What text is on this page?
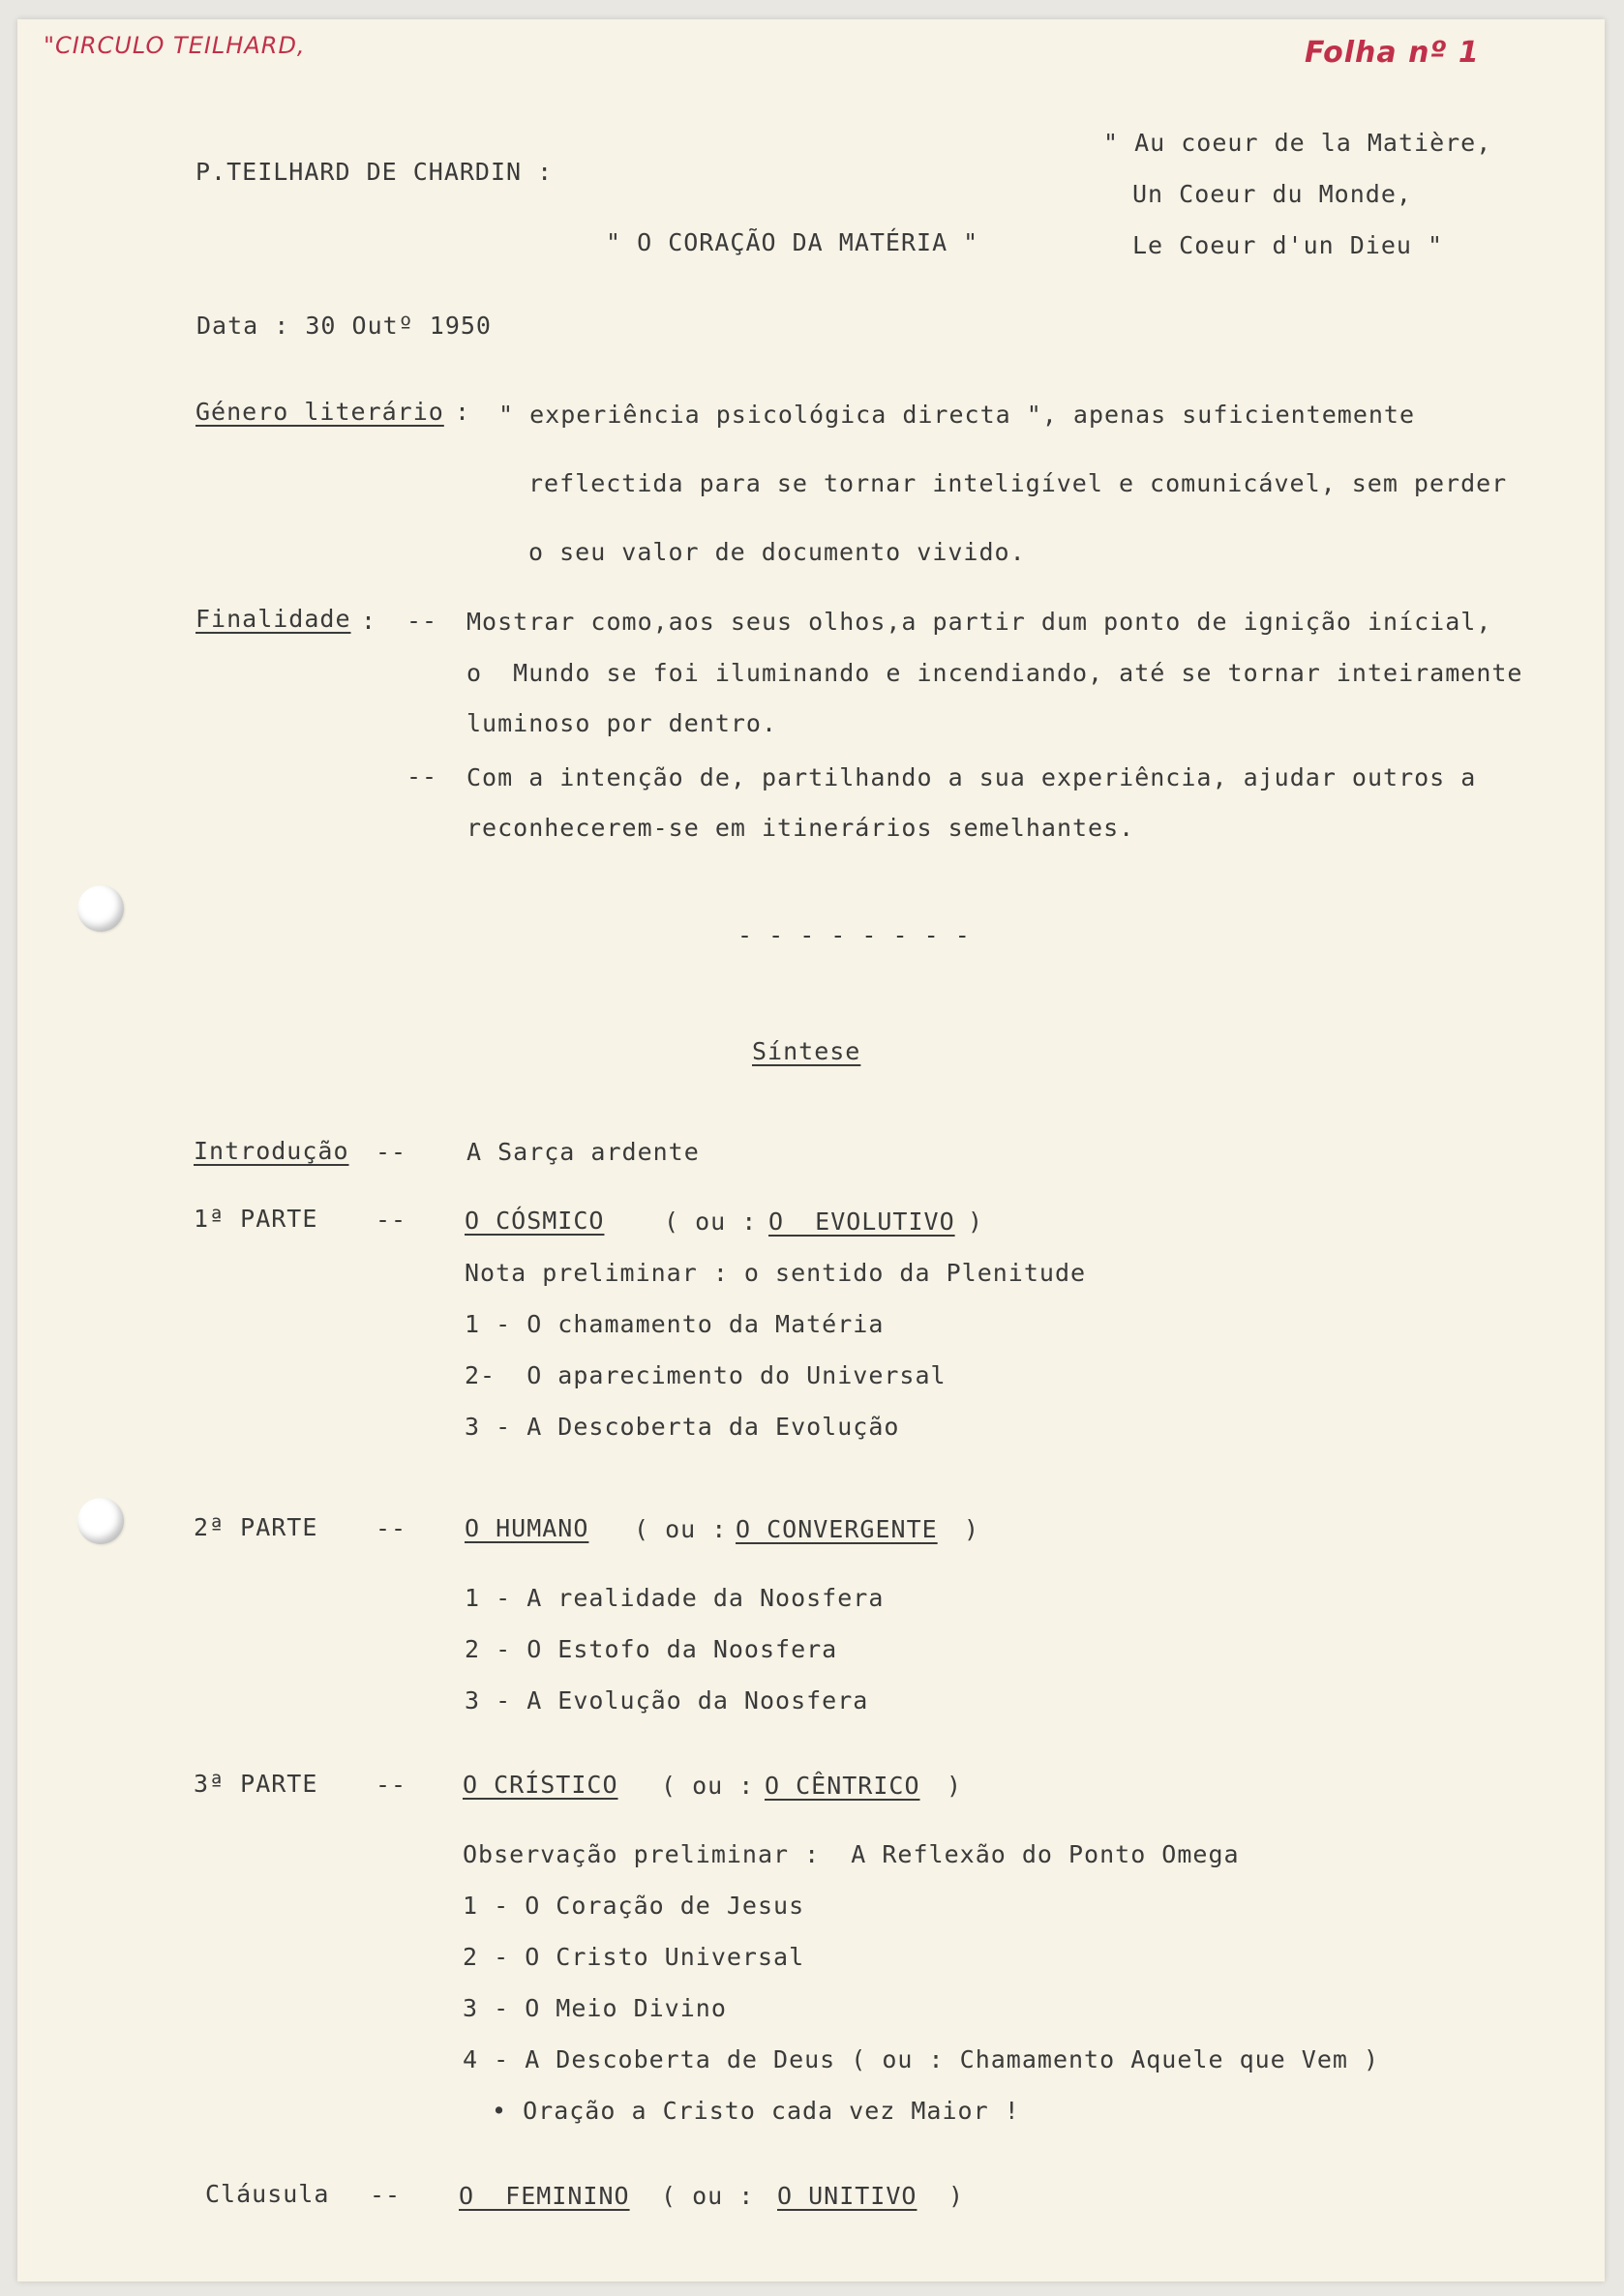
"CIRCULO TEILHARD,	Folha nº 1
P.TEILHARD DE CHARDIN :
" O CORAÇÃO DA MATÉRIA "
" Au coeur de la Matière,
Un Coeur du Monde,
Le Coeur d'un Dieu "
Data : 30 Outº 1950
Género literário : " experiência psicológica directa ", apenas suficientemente
reflectida para se tornar inteligível e comunicável, sem perder
o seu valor de documento vivido.
Finalidade : -- Mostrar como,aos seus olhos,a partir dum ponto de ignição inícial,
o  Mundo se foi iluminando e incendiando, até se tornar inteiramente
luminoso por dentro.
-- Com a intenção de, partilhando a sua experiência, ajudar outros a
reconhecerem-se em itinerários semelhantes.
- - - - - - - -
Síntese
Introdução -- A Sarça ardente
1ª PARTE -- O CÓSMICO ( ou : O  EVOLUTIVO )
Nota preliminar : o sentido da Plenitude
1 - O chamamento da Matéria
2-  O aparecimento do Universal
3 - A Descoberta da Evolução
2ª PARTE -- O HUMANO ( ou : O CONVERGENTE )
1 - A realidade da Noosfera
2 - O Estofo da Noosfera
3 - A Evolução da Noosfera
3ª PARTE -- O CRÍSTICO ( ou : O CÊNTRICO )
Observação preliminar :  A Reflexão do Ponto Omega
1 - O Coração de Jesus
2 - O Cristo Universal
3 - O Meio Divino
4 - A Descoberta de Deus ( ou : Chamamento Aquele que Vem )
• Oração a Cristo cada vez Maior !
Cláusula -- O  FEMININO ( ou : O UNITIVO )
